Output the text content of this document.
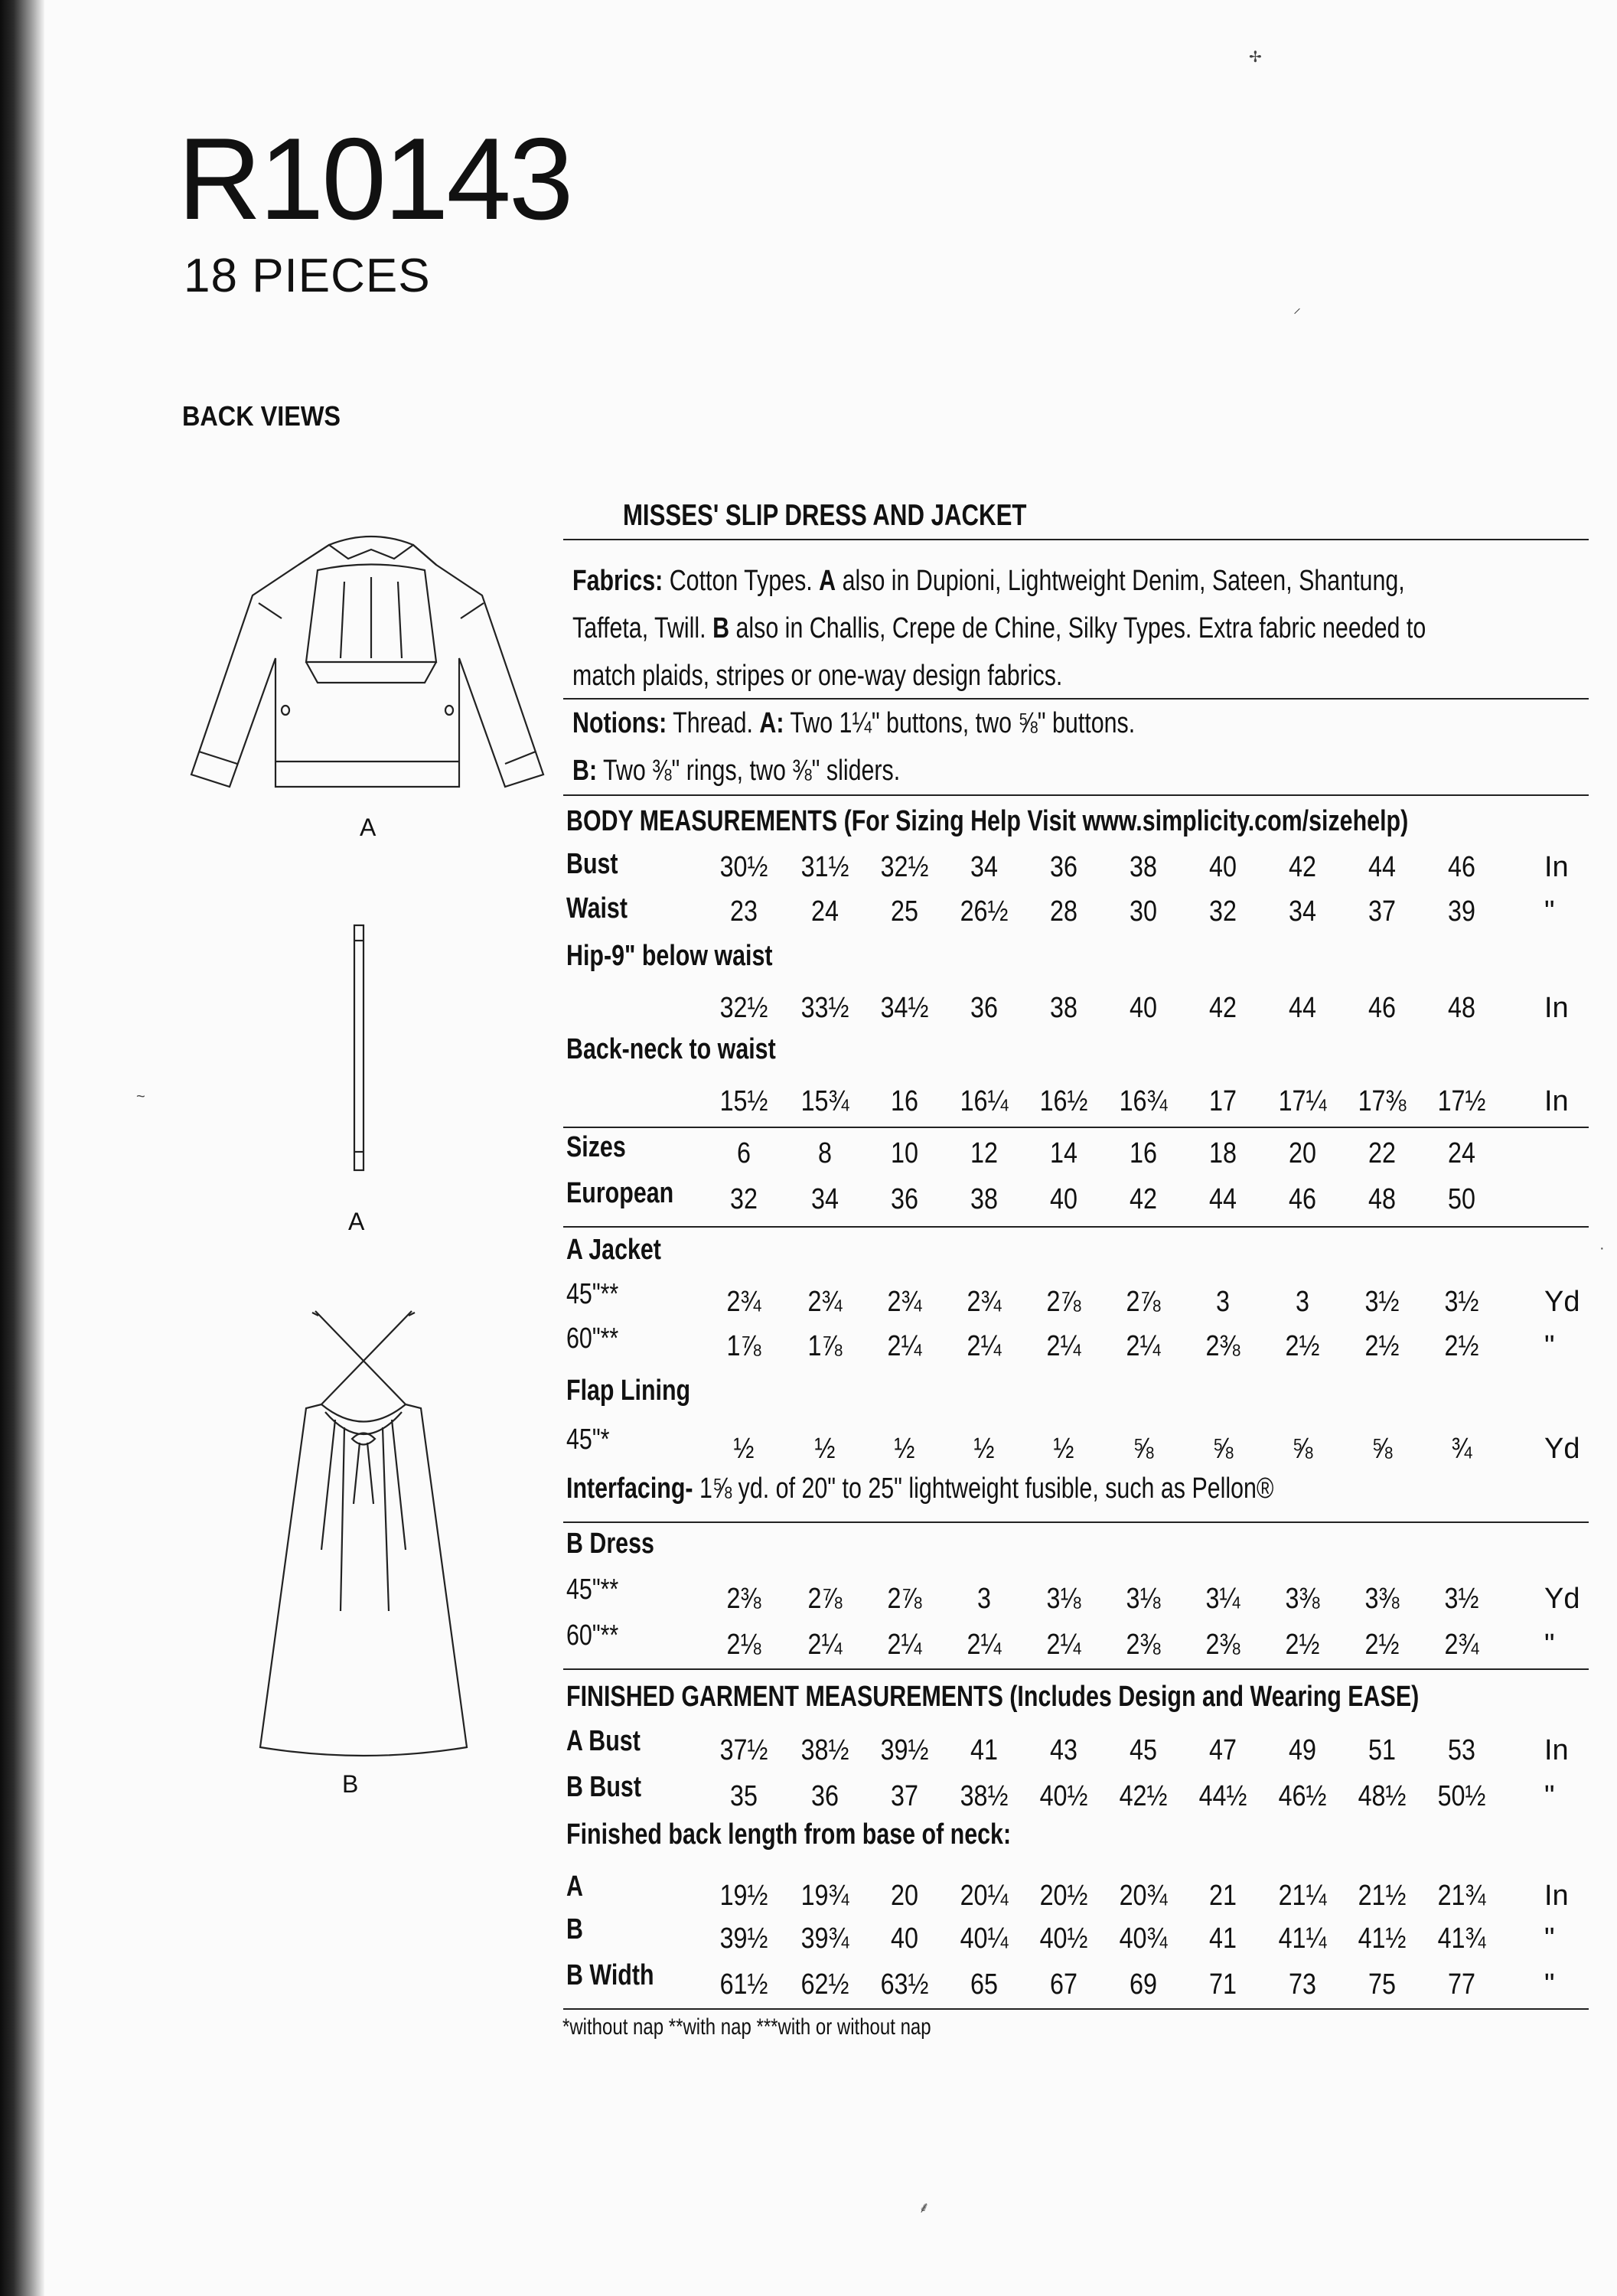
R10143
18 PIECES
BACK VIEWS
A
A
B
MISSES' SLIP DRESS AND JACKET
Fabrics: Cotton Types. A also in Dupioni, Lightweight Denim, Sateen, Shantung,
Taffeta, Twill. B also in Challis, Crepe de Chine, Silky Types. Extra fabric needed to
match plaids, stripes or one-way design fabrics.
Notions: Thread. A: Two 1¼" buttons, two ⅝" buttons.
B: Two ⅜" rings, two ⅜" sliders.
BODY MEASUREMENTS (For Sizing Help Visit www.simplicity.com/sizehelp)
Bust	30½ 31½ 32½	34	36	38	40	42	44	46	In
Waist	23	24	25	26½	28	30	32	34	37	39	"
Hip-9" below waist
32½ 33½ 34½	36	38	40	42	44	46	48	In
Back-neck to waist
15½ 15¾	16	16¼ 16½ 16¾	17	17¼ 17⅜ 17½ In
Sizes	6	8	10	12	14	16	18	20	22	24
European	32	34	36	38	40	42	44	46	48	50
A Jacket
45"**	2¾	2¾	2¾	2¾	2⅞	2⅞	3	3	3½	3½	Yd
60"**	1⅞	1⅞	2¼	2¼	2¼	2¼	2⅜	2½	2½	2½	"
Flap Lining
45"*	½	½	½	½	½	⅝	⅝	⅝	⅝	¾	Yd
Interfacing- 1⅝ yd. of 20" to 25" lightweight fusible, such as Pellon®
B Dress
45"**	2⅜	2⅞	2⅞	3	3⅛	3⅛	3¼	3⅜	3⅜	3½	Yd
60"**	2⅛	2¼	2¼	2¼	2¼	2⅜	2⅜	2½	2½	2¾	"
FINISHED GARMENT MEASUREMENTS (Includes Design and Wearing EASE)
A Bust	37½ 38½ 39½	41	43	45	47	49	51	53	In
B Bust	35	36	37	38½ 40½ 42½ 44½ 46½ 48½ 50½ "
Finished back length from base of neck:
A	19½ 19¾	20	20¼ 20½ 20¾	21	21¼ 21½ 21¾ In
B	39½ 39¾	40	40¼ 40½ 40¾	41	41¼ 41½ 41¾ "
B Width 61½ 62½ 63½	65	67	69	71	73	75	77	"
*without nap **with nap ***with or without nap
✢
⸍
~
·
⸙
